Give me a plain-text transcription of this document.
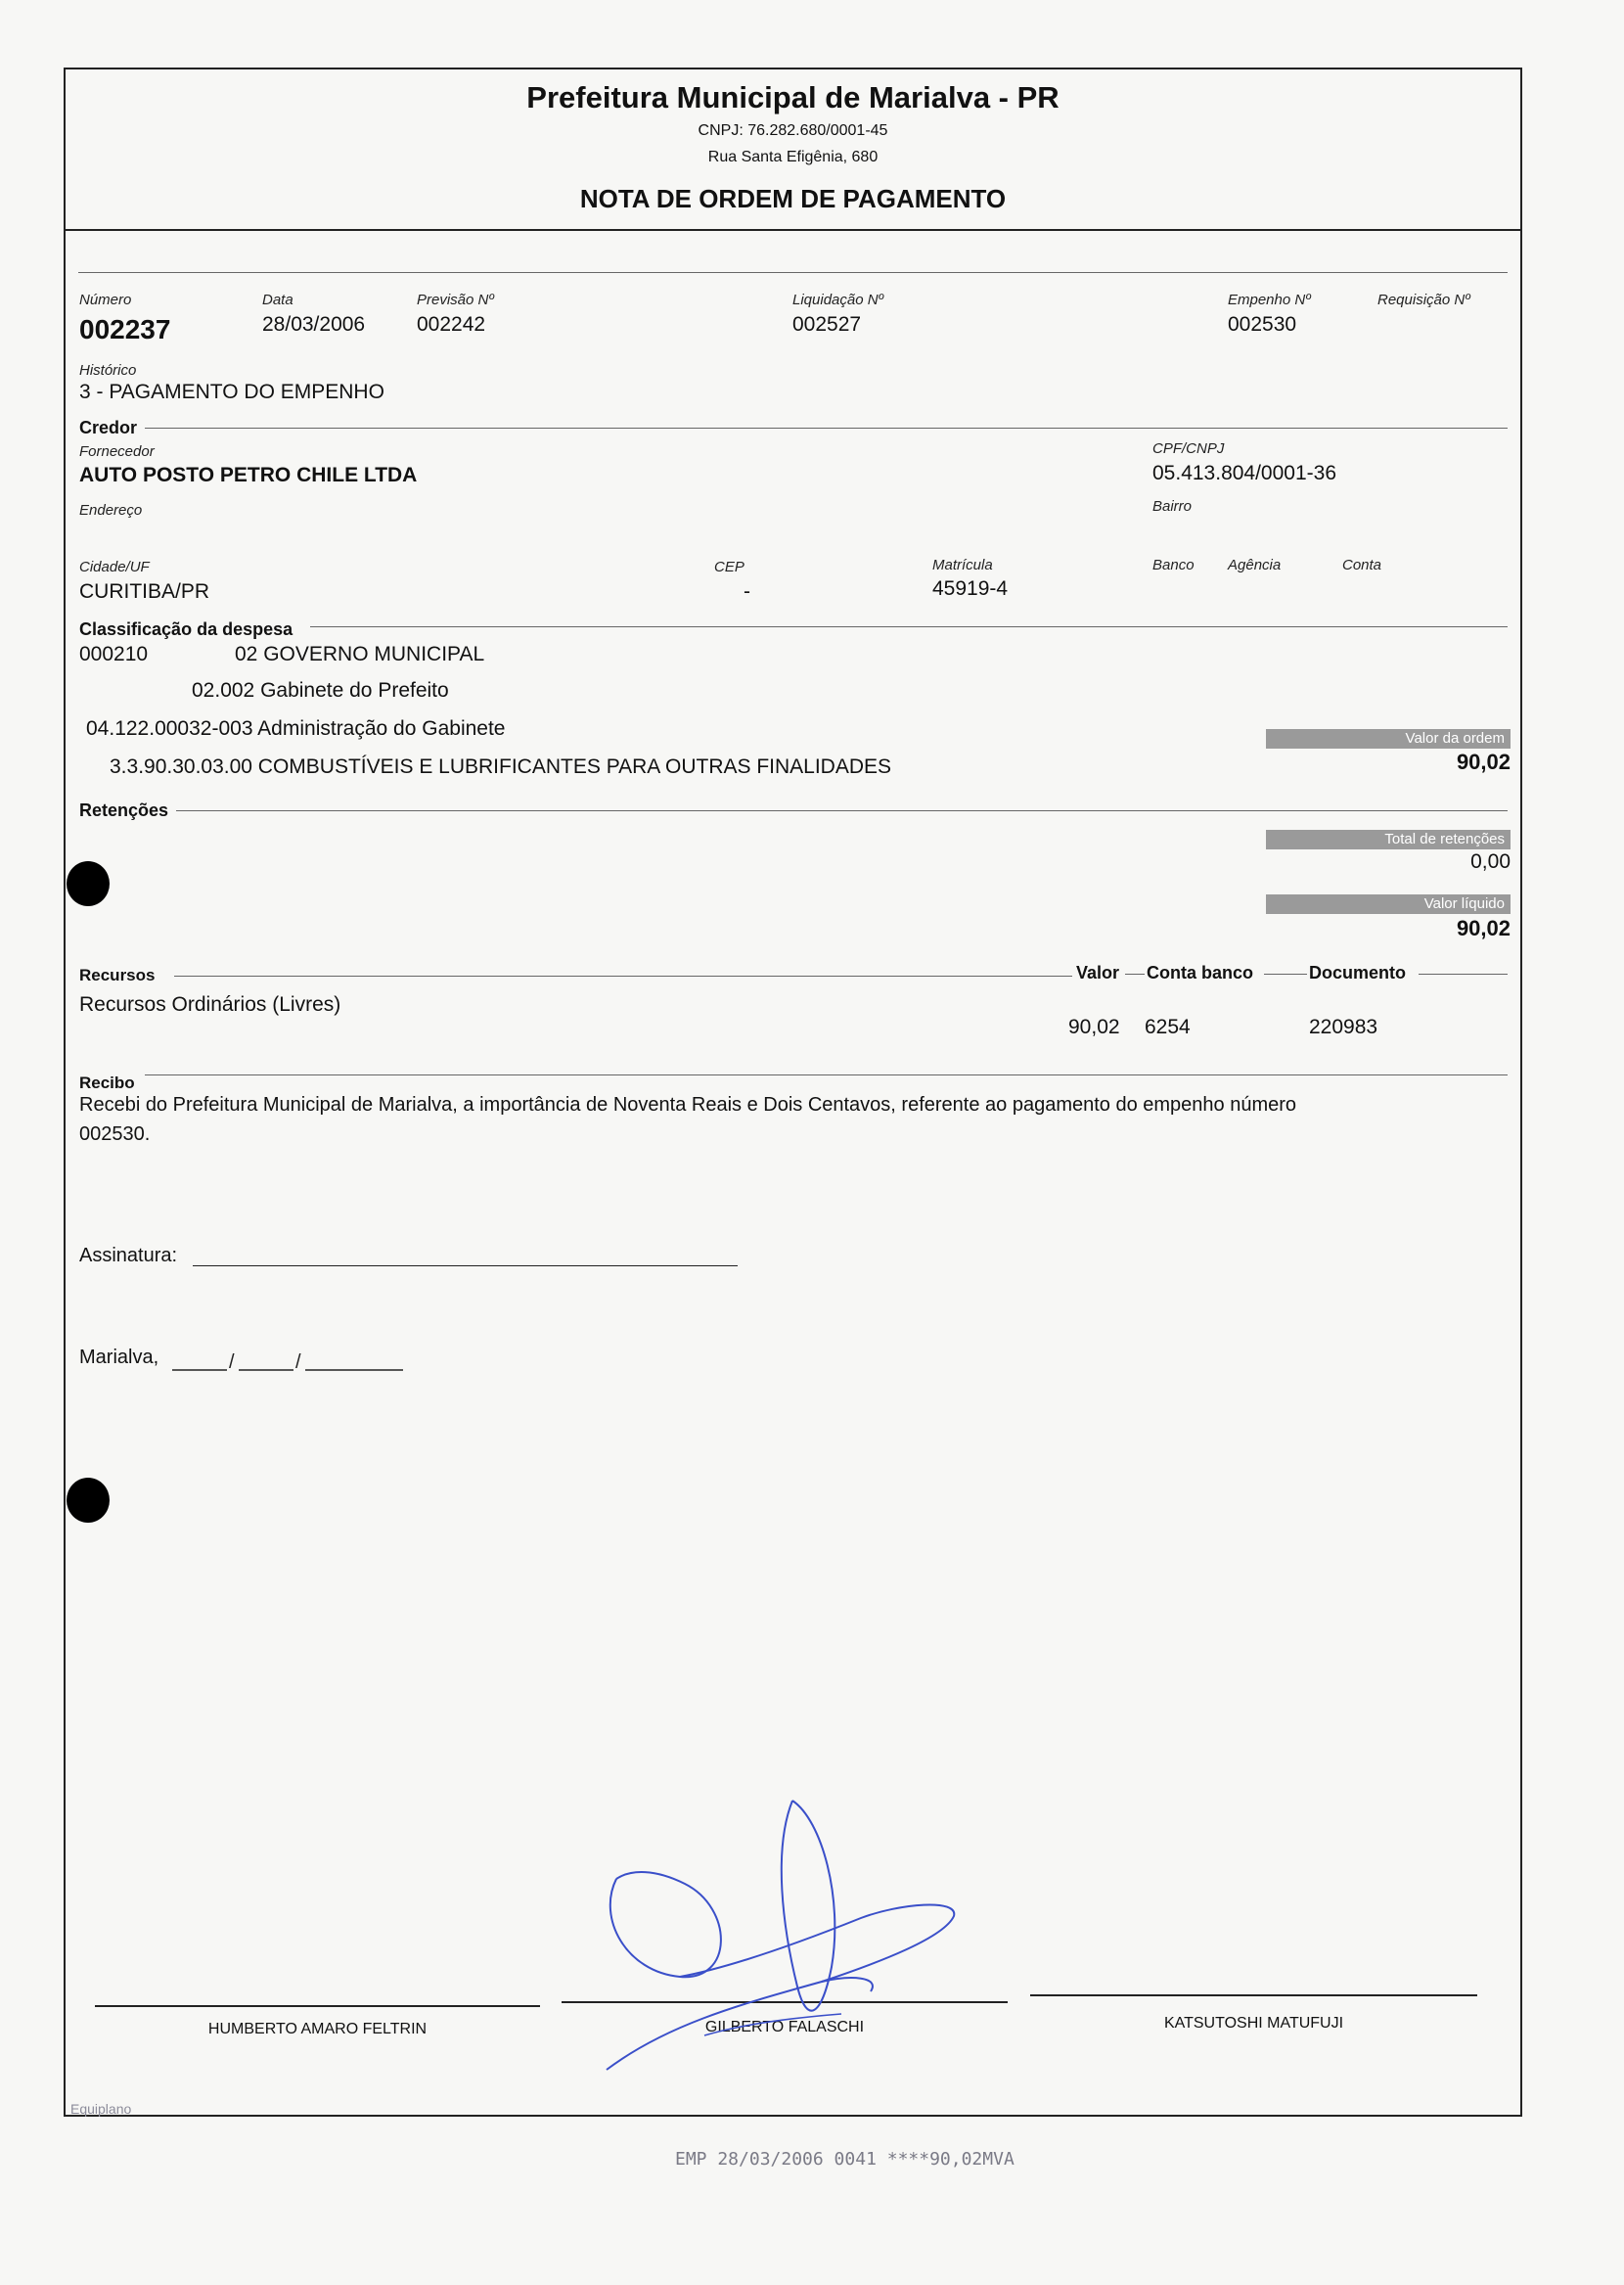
Prefeitura Municipal de Marialva - PR
CNPJ: 76.282.680/0001-45
Rua Santa Efigênia, 680
NOTA DE ORDEM DE PAGAMENTO
Número
002237
Data
28/03/2006
Previsão Nº
002242
Liquidação Nº
002527
Empenho Nº
002530
Requisição Nº
Histórico
3 - PAGAMENTO DO EMPENHO
Credor
Fornecedor
AUTO POSTO PETRO CHILE LTDA
CPF/CNPJ
05.413.804/0001-36
Endereço	Bairro
Cidade/UF
CURITIBA/PR
CEP
-
Matrícula
45919-4
Banco Agência	Conta
Classificação da despesa
000210	02 GOVERNO MUNICIPAL
02.002 Gabinete do Prefeito
04.122.00032-003 Administração do Gabinete
3.3.90.30.03.00 COMBUSTÍVEIS E LUBRIFICANTES PARA OUTRAS FINALIDADES
Valor da ordem
90,02
Retenções
Total de retenções
0,00
Valor líquido
90,02
Recursos	Valor Conta banco	Documento
Recursos Ordinários (Livres)
90,02 6254	220983
Recibo
Recebi do Prefeitura Municipal de Marialva, a importância de Noventa Reais e Dois Centavos, referente ao pagamento do empenho número
002530.
Assinatura:
Marialva,	/	/
HUMBERTO AMARO FELTRIN	GILBERTO FALASCHI	KATSUTOSHI MATUFUJI
Equiplano
EMP 28/03/2006 0041 ****90,02MVA
